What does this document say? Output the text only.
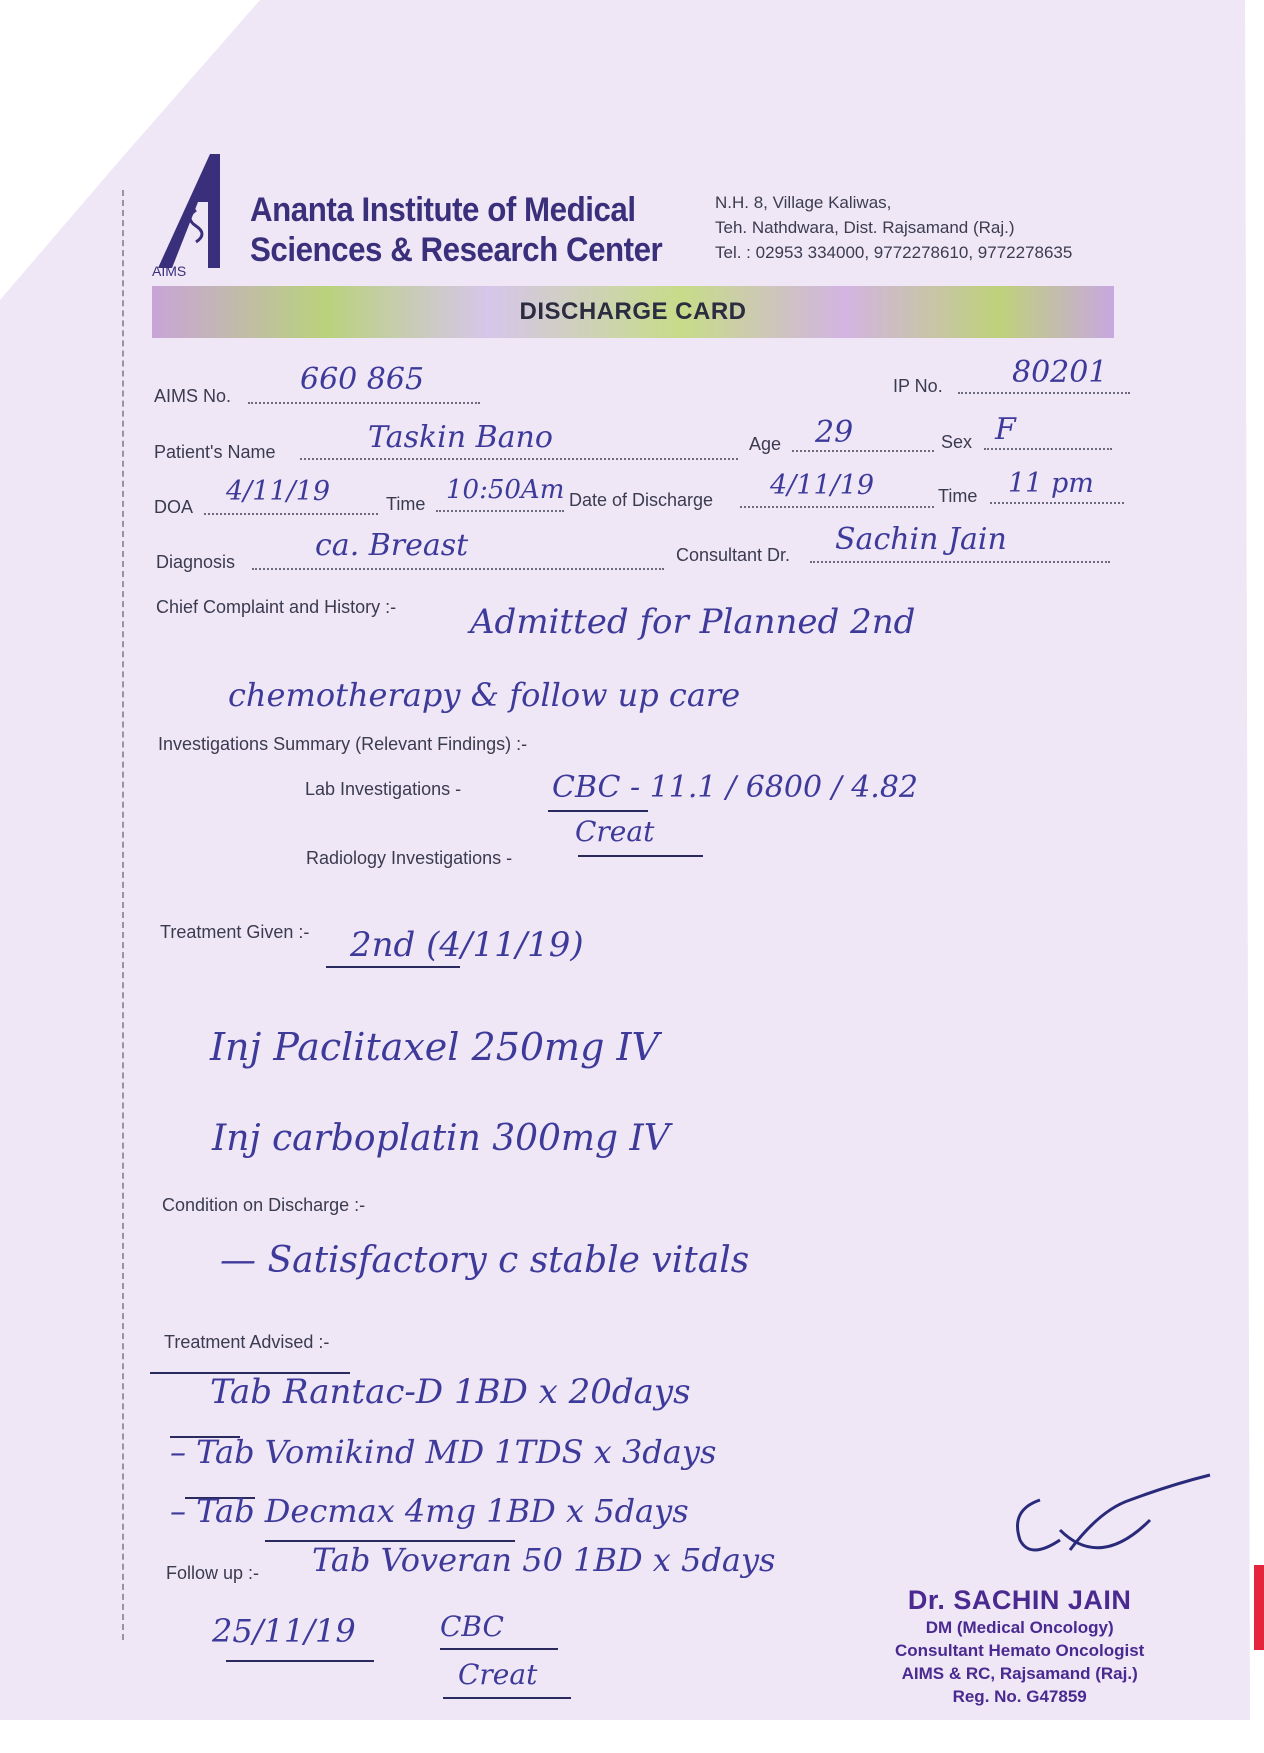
AIMS
Ananta Institute of Medical
Sciences & Research Center
N.H. 8, Village Kaliwas,
Teh. Nathdwara, Dist. Rajsamand (Raj.)
Tel. : 02953 334000, 9772278610, 9772278635
DISCHARGE CARD
AIMS No. 660 865	IP No. 80201
Patient's Name	Taskin Bano	Age 29	Sex F
DOA 4/11/19	Time 10:50Am Date of Discharge 4/11/19	Time 11 pm
Diagnosis	ca. Breast	Consultant Dr. Sachin Jain
Chief Complaint and History :- Admitted for Planned 2nd
chemotherapy & follow up care
Investigations Summary (Relevant Findings) :-
Lab Investigations -	CBC - 11.1 / 6800 / 4.82
Radiology Investigations -
Creat
Treatment Given :- 2nd (4/11/19)
Inj Paclitaxel 250mg IV
Inj carboplatin 300mg IV
Condition on Discharge :-
— Satisfactory c stable vitals
Treatment Advised :-
Tab Rantac-D 1BD x 20days
– Tab Vomikind MD 1TDS x 3days
– Tab Decmax 4mg 1BD x 5days
Tab Voveran 50 1BD x 5days
Follow up :-
25/11/19	CBC
Creat
Dr. SACHIN JAIN
DM (Medical Oncology)
Consultant Hemato Oncologist
AIMS & RC, Rajsamand (Raj.)
Reg. No. G47859
